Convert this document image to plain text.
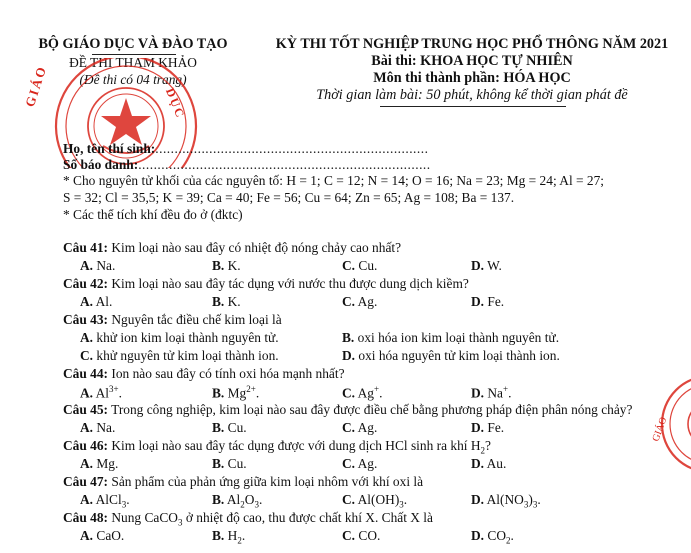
BỘ GIÁO DỤC VÀ ĐÀO TẠO
ĐỀ THI THAM KHẢO
(Đề thi có 04 trang)
KỲ THI TỐT NGHIỆP TRUNG HỌC PHỔ THÔNG NĂM 2021
Bài thi: KHOA HỌC TỰ NHIÊN
Môn thi thành phần: HÓA HỌC
Thời gian làm bài: 50 phút, không kể thời gian phát đề
GIÁO	DỤC
GIÁO
Họ, tên thí sinh:.......................................................................
Số báo danh:............................................................................
* Cho nguyên tử khối của các nguyên tố: H = 1; C = 12; N = 14; O = 16; Na = 23; Mg = 24; Al = 27;
S = 32; Cl = 35,5; K = 39; Ca = 40; Fe = 56; Cu = 64; Zn = 65; Ag = 108; Ba = 137.
* Các thể tích khí đều đo ở (đktc)
Câu 41: Kim loại nào sau đây có nhiệt độ nóng chảy cao nhất?
A. Na.	B. K.	C. Cu.	D. W.
Câu 42: Kim loại nào sau đây tác dụng với nước thu được dung dịch kiềm?
A. Al.	B. K.	C. Ag.	D. Fe.
Câu 43: Nguyên tắc điều chế kim loại là
A. khử ion kim loại thành nguyên tử.	B. oxi hóa ion kim loại thành nguyên tử.
C. khử nguyên tử kim loại thành ion.	D. oxi hóa nguyên tử kim loại thành ion.
Câu 44: Ion nào sau đây có tính oxi hóa mạnh nhất?
A. $Al^{3+}$.	B. $Mg^{2+}$.	C. Ag+.	D. Na+.
Câu 45: Trong công nghiệp, kim loại nào sau đây được điều chế bằng phương pháp điện phân nóng chảy?
A. Na.	B. Cu.	C. Ag.	D. Fe.
Câu 46: Kim loại nào sau đây tác dụng được với dung dịch HCl sinh ra khí $H_2$?
A. Mg.	B. Cu.	C. Ag.	D. Au.
Câu 47: Sản phẩm của phản ứng giữa kim loại nhôm với khí oxi là
A. AlCl$_3$.	B. $Al_2O_3$.	C. $Al(OH)_3$.	D. $Al(NO_3)_3$.
Câu 48: Nung CaCO$_3$ ở nhiệt độ cao, thu được chất khí X. Chất X là
A. CaO.	B. $H_2$.	C. CO.	D. $CO_2$.
